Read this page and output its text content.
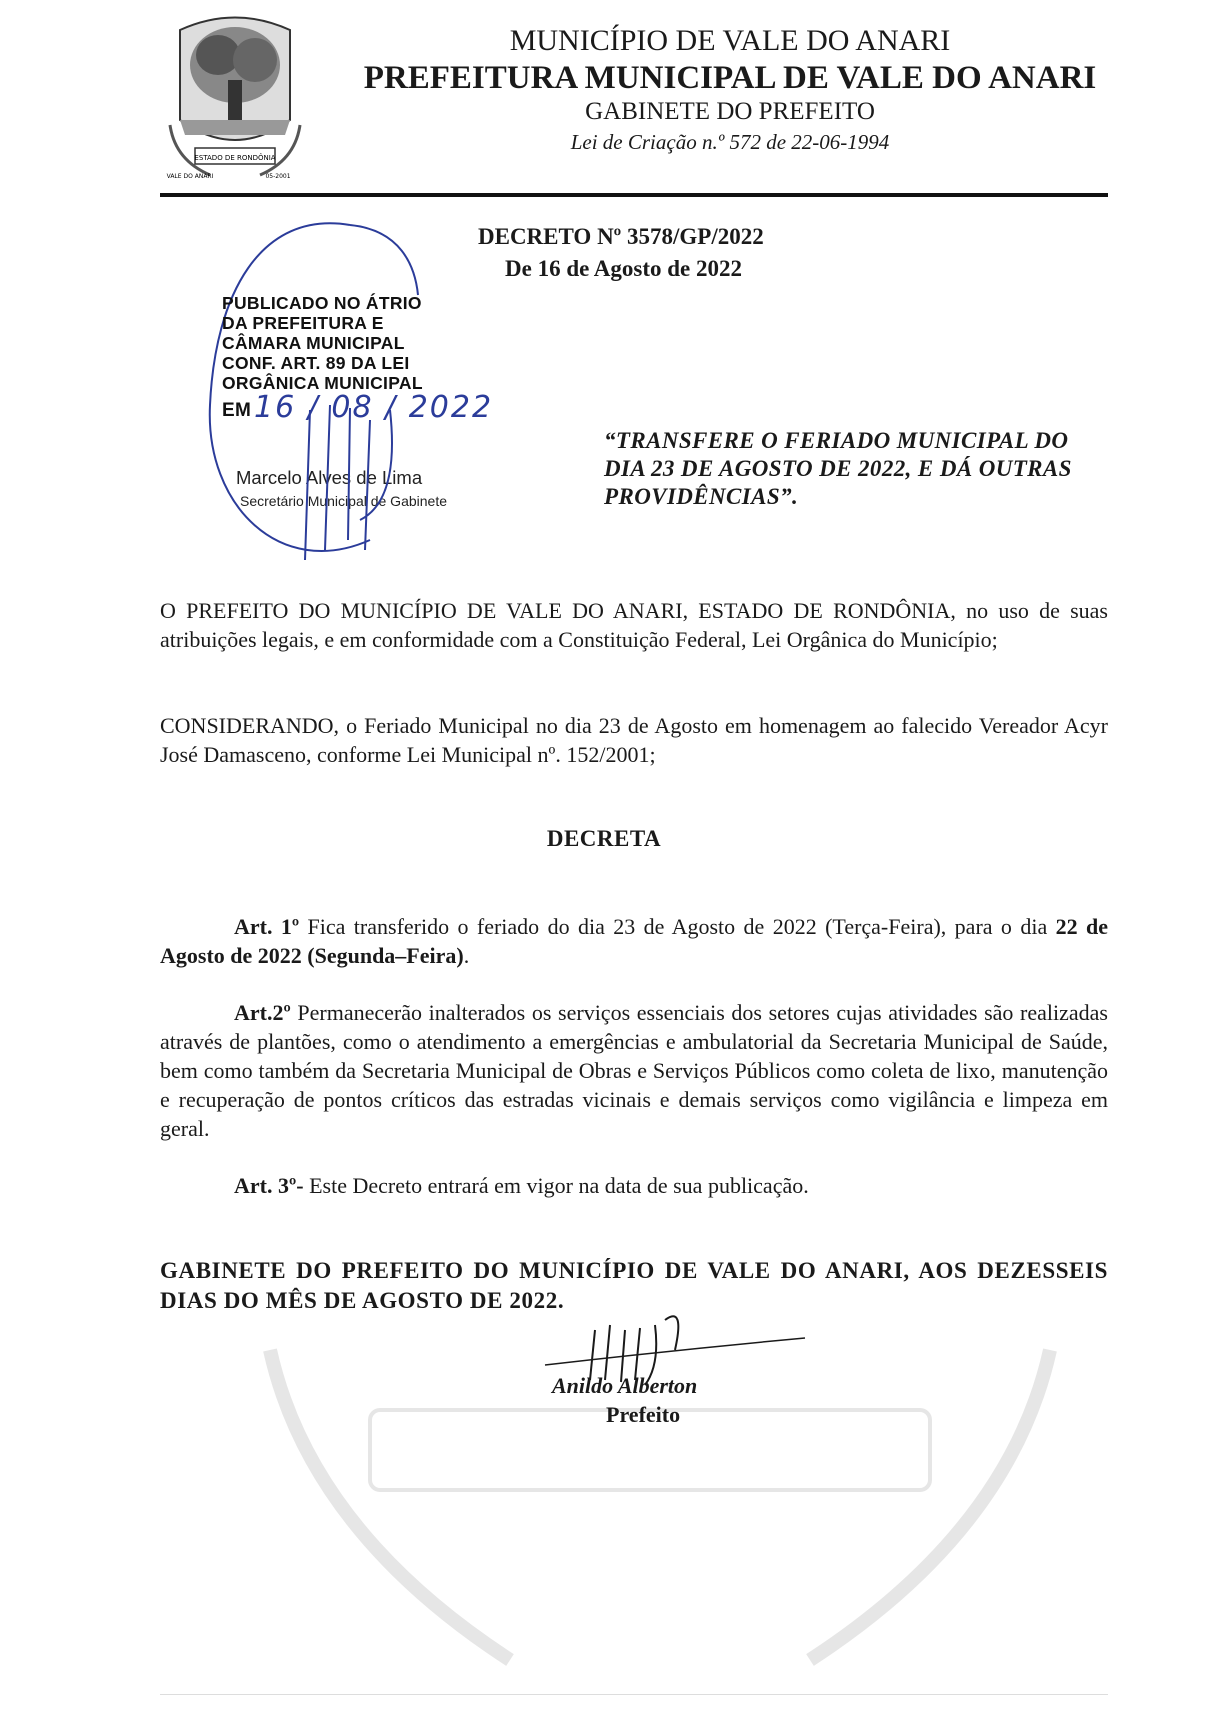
ESTADO DE RONDÔNIA
VALE DO ANARI	05-2001
MUNICÍPIO DE VALE DO ANARI
PREFEITURA MUNICIPAL DE VALE DO ANARI
GABINETE DO PREFEITO
Lei de Criação n.º 572 de 22-06-1994
DECRETO Nº 3578/GP/2022
De 16 de Agosto de 2022
PUBLICADO NO ÁTRIO
DA PREFEITURA E
CÂMARA MUNICIPAL
CONF. ART. 89 DA LEI
ORGÂNICA MUNICIPAL
EM 16 / 08 / 2022
Marcelo Alves de Lima
Secretário Municipal de Gabinete
“TRANSFERE O FERIADO MUNICIPAL DO
DIA 23 DE AGOSTO DE 2022, E DÁ OUTRAS
PROVIDÊNCIAS”.
O PREFEITO DO MUNICÍPIO DE VALE DO ANARI, ESTADO DE RONDÔNIA, no uso de suas atribuições legais, e em conformidade com a Constituição Federal, Lei Orgânica do Município;
CONSIDERANDO, o Feriado Municipal no dia 23 de Agosto em homenagem ao falecido Vereador Acyr José Damasceno, conforme Lei Municipal nº. 152/2001;
DECRETA
Art. 1º Fica transferido o feriado do dia 23 de Agosto de 2022 (Terça-Feira), para o dia 22 de Agosto de 2022 (Segunda–Feira).
Art.2º Permanecerão inalterados os serviços essenciais dos setores cujas atividades são realizadas através de plantões, como o atendimento a emergências e ambulatorial da Secretaria Municipal de Saúde, bem como também da Secretaria Municipal de Obras e Serviços Públicos como coleta de lixo, manutenção e recuperação de pontos críticos das estradas vicinais e demais serviços como vigilância e limpeza em geral.
Art. 3º- Este Decreto entrará em vigor na data de sua publicação.
GABINETE DO PREFEITO DO MUNICÍPIO DE VALE DO ANARI, AOS DEZESSEIS DIAS DO MÊS DE AGOSTO DE 2022.
Anildo Alberton
Prefeito
